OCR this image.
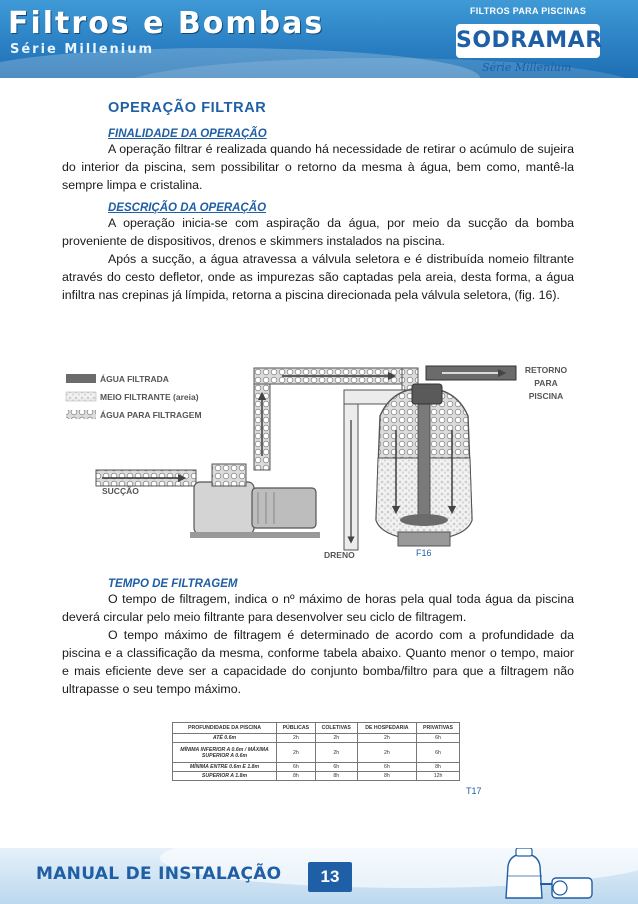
Filtros e Bombas
Série Millenium
FILTROS PARA PISCINAS
SODRAMAR
Série Millenium
OPERAÇÃO FILTRAR
FINALIDADE DA OPERAÇÃO

A operação filtrar é realizada quando há necessidade de retirar o acúmulo de sujeira do interior da piscina, sem possibilitar o retorno da mesma à água, bem como, mantê-la sempre limpa e cristalina.

DESCRIÇÃO DA OPERAÇÃO

A operação inicia-se com aspiração da água, por meio da sucção da bomba proveniente de dispositivos, drenos e skimmers instalados na piscina.

Após a sucção, a água atravessa a válvula seletora e é distribuída nomeio filtrante através do cesto defletor, onde as impurezas são captadas pela areia, desta forma, a água infiltra nas crepinas já límpida, retorna a piscina direcionada pela válvula seletora, (fig. 16).

ÁGUA FILTRADA
MEIO FILTRANTE (areia)
ÁGUA PARA FILTRAGEM
RETORNO
PARA
PISCINA
SUCÇÃO
DRENO	F16
TEMPO DE FILTRAGEM

O tempo de filtragem, indica o nº máximo de horas pela qual toda água da piscina deverá circular pelo meio filtrante para desenvolver seu ciclo de filtragem.

O tempo máximo de filtragem é determinado de acordo com a profundidade da piscina e a classificação da mesma, conforme tabela abaixo. Quanto menor o tempo, maior e mais eficiente deve ser a capacidade do conjunto bomba/filtro para que a filtragem não ultrapasse o seu tempo máximo.

PROFUNDIDADE DA PISCINA	PÚBLICAS	COLETIVAS	DE HOSPEDARIA	PRIVATIVAS
ATÉ 0.6m	2h	2h	2h	6h
MÍNIMA INFERIOR A 0.6m / MÁXIMA SUPERIOR A 0.6m	2h	2h	2h	6h
MÍNIMA ENTRE 0.6m E 1.8m	6h	6h	6h	8h
SUPERIOR A 1.8m	8h	8h	8h	12h
T17
MANUAL DE INSTALAÇÃO	13
